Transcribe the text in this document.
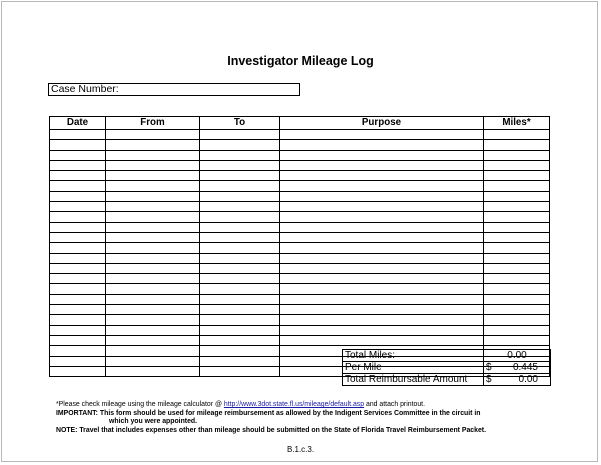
Investigator Mileage Log
Case Number:
Date	From	To	Purpose	Miles*

Total Miles:	0.00
Per Mile	$ 0.445

Total Reimbursable Amount	$ 0.00
*Please check mileage using the mileage calculator @ http://www.3dot.state.fl.us/mileage/default.asp and attach printout.
IMPORTANT: This form should be used for mileage reimbursement as allowed by the Indigent Services Committee in the circuit in
which you were appointed.
NOTE: Travel that includes expenses other than mileage should be submitted on the State of Florida Travel Reimbursement Packet.
B.1.c.3.
